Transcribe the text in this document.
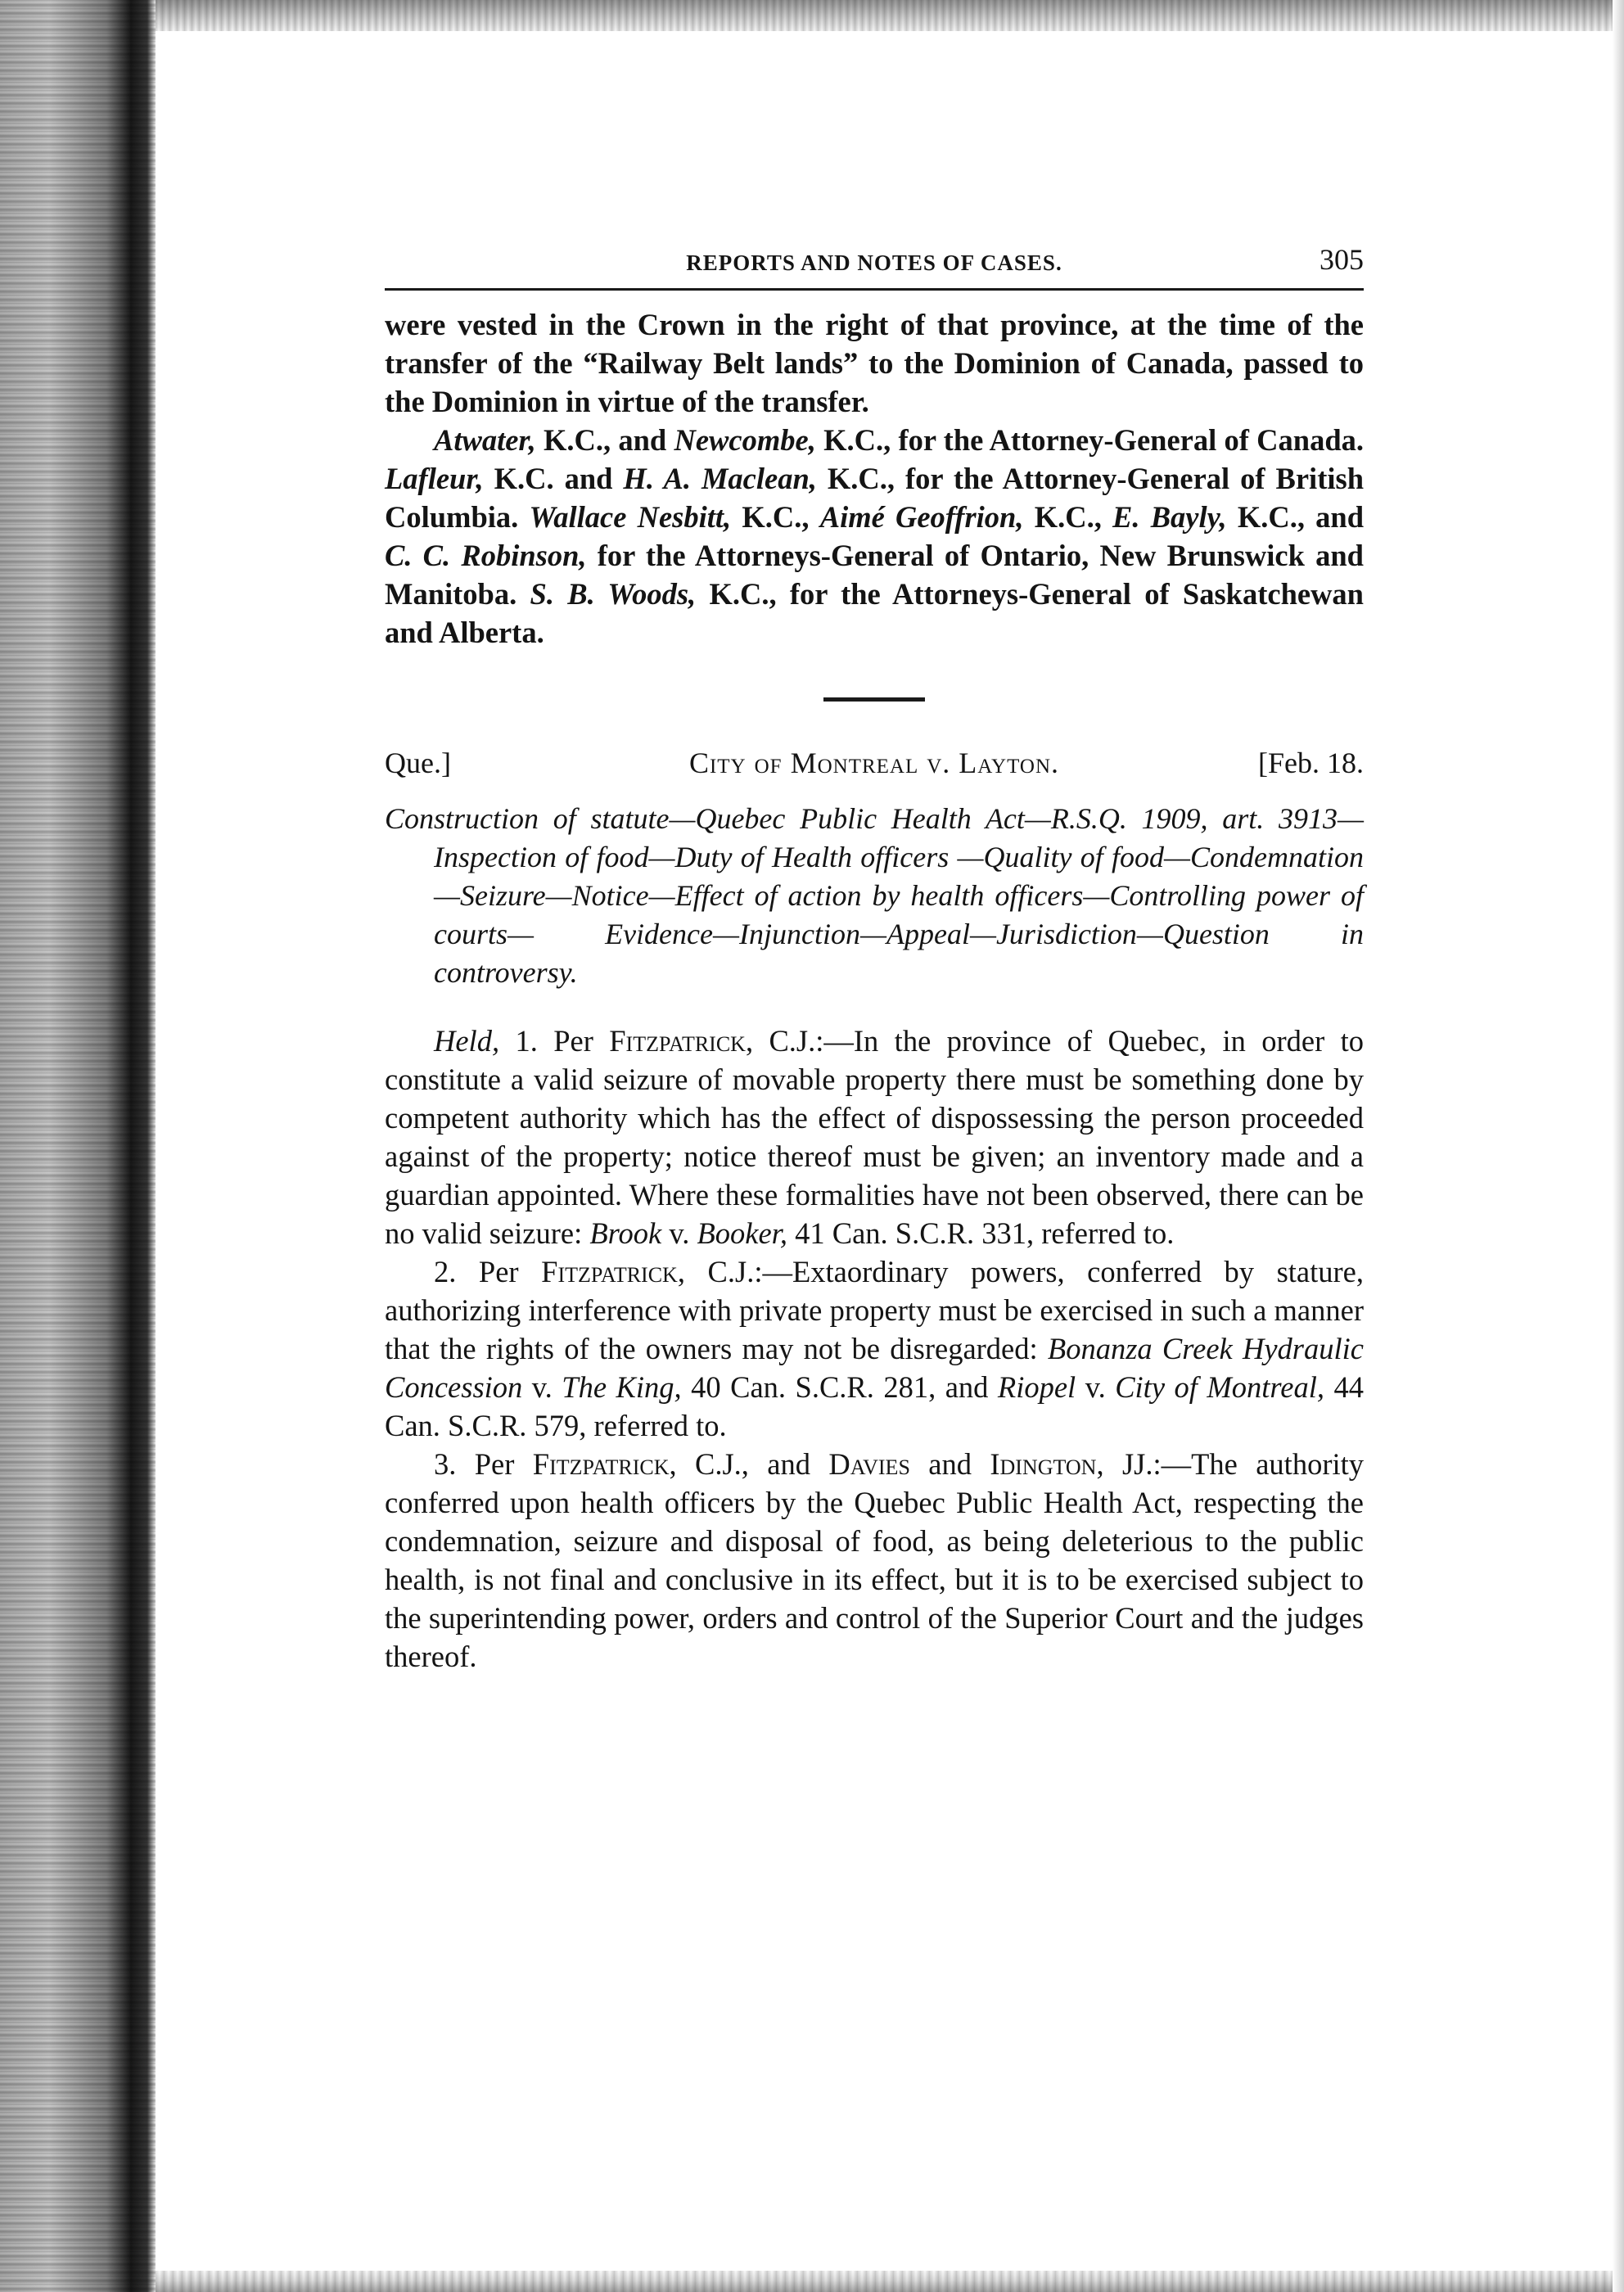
REPORTS AND NOTES OF CASES.	305

were vested in the Crown in the right of that province, at the time of the transfer of the “Railway Belt lands” to the Dominion of Canada, passed to the Dominion in virtue of the transfer.

Atwater, K.C., and Newcombe, K.C., for the Attorney-General of Canada. Lafleur, K.C. and H. A. Maclean, K.C., for the Attorney-General of British Columbia. Wallace Nesbitt, K.C., Aimé Geoffrion, K.C., E. Bayly, K.C., and C. C. Robinson, for the Attorneys-General of Ontario, New Brunswick and Manitoba. S. B. Woods, K.C., for the Attorneys-General of Saskatchewan and Alberta.

Que.]	City of Montreal v. Layton.	[Feb. 18.

Construction of statute—Quebec Public Health Act—R.S.Q. 1909, art. 3913—Inspection of food—Duty of Health officers —Quality of food—Condemnation—Seizure—Notice—Effect of action by health officers—Controlling power of courts— Evidence—Injunction—Appeal—Jurisdiction—Question in controversy.

Held, 1. Per Fitzpatrick, C.J.:—In the province of Quebec, in order to constitute a valid seizure of movable property there must be something done by competent authority which has the effect of dispossessing the person proceeded against of the property; notice thereof must be given; an inventory made and a guardian appointed. Where these formalities have not been observed, there can be no valid seizure: Brook v. Booker, 41 Can. S.C.R. 331, referred to.

2. Per Fitzpatrick, C.J.:—Extaordinary powers, conferred by stature, authorizing interference with private property must be exercised in such a manner that the rights of the owners may not be disregarded: Bonanza Creek Hydraulic Concession v. The King, 40 Can. S.C.R. 281, and Riopel v. City of Montreal, 44 Can. S.C.R. 579, referred to.

3. Per Fitzpatrick, C.J., and Davies and Idington, JJ.:—The authority conferred upon health officers by the Quebec Public Health Act, respecting the condemnation, seizure and disposal of food, as being deleterious to the public health, is not final and conclusive in its effect, but it is to be exercised subject to the superintending power, orders and control of the Superior Court and the judges thereof.
